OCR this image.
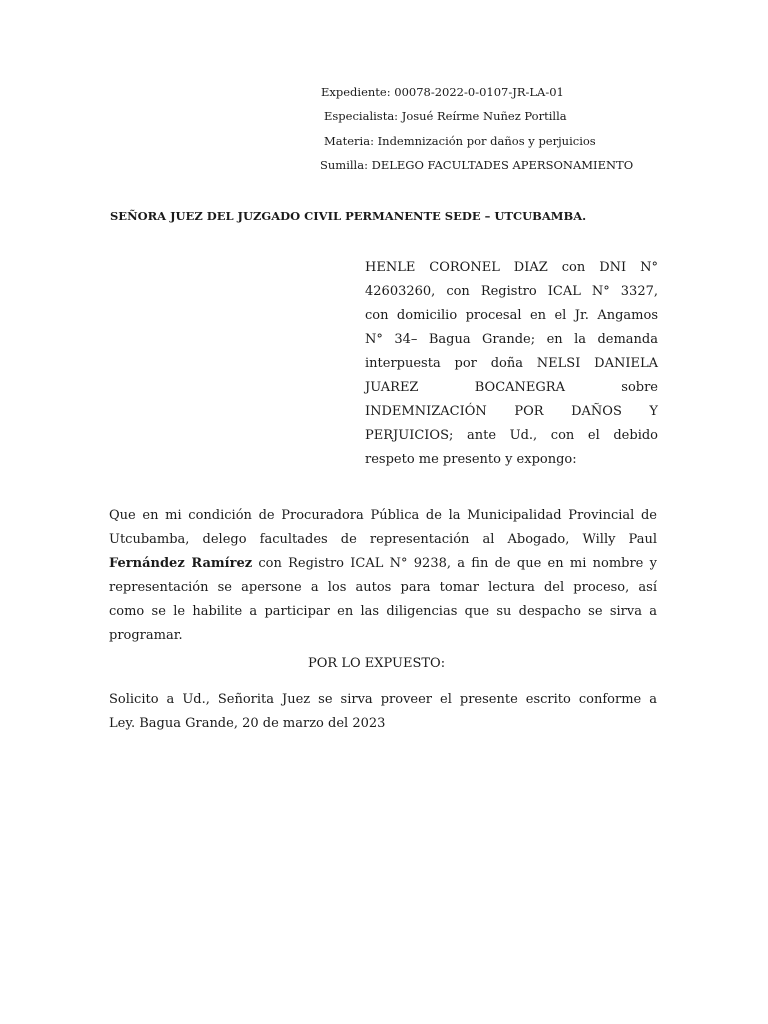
Expediente: 00078-2022-0-0107-JR-LA-01
Especialista: Josué Reírme Nuñez Portilla
Materia: Indemnización por daños y perjuicios
Sumilla: DELEGO FACULTADES APERSONAMIENTO
SEÑORA JUEZ DEL JUZGADO CIVIL PERMANENTE SEDE – UTCUBAMBA.
HENLE CORONEL DIAZ con DNI N°
42603260, con Registro ICAL N° 3327,
con domicilio procesal en el Jr. Angamos
N° 34– Bagua Grande; en la demanda
interpuesta por doña NELSI DANIELA
JUAREZ BOCANEGRA sobre
INDEMNIZACIÓN POR DAÑOS Y
PERJUICIOS; ante Ud., con el debido
respeto me presento y expongo:
Que en mi condición de Procuradora Pública de la Municipalidad Provincial de
Utcubamba, delego facultades de representación al Abogado, Willy Paul
Fernández Ramírez con Registro ICAL N° 9238, a fin de que en mi nombre y
representación se apersone a los autos para tomar lectura del proceso, así
como se le habilite a participar en las diligencias que su despacho se sirva a
programar.
POR LO EXPUESTO:
Solicito a Ud., Señorita Juez se sirva proveer el presente escrito conforme a
Ley. Bagua Grande, 20 de marzo del 2023
